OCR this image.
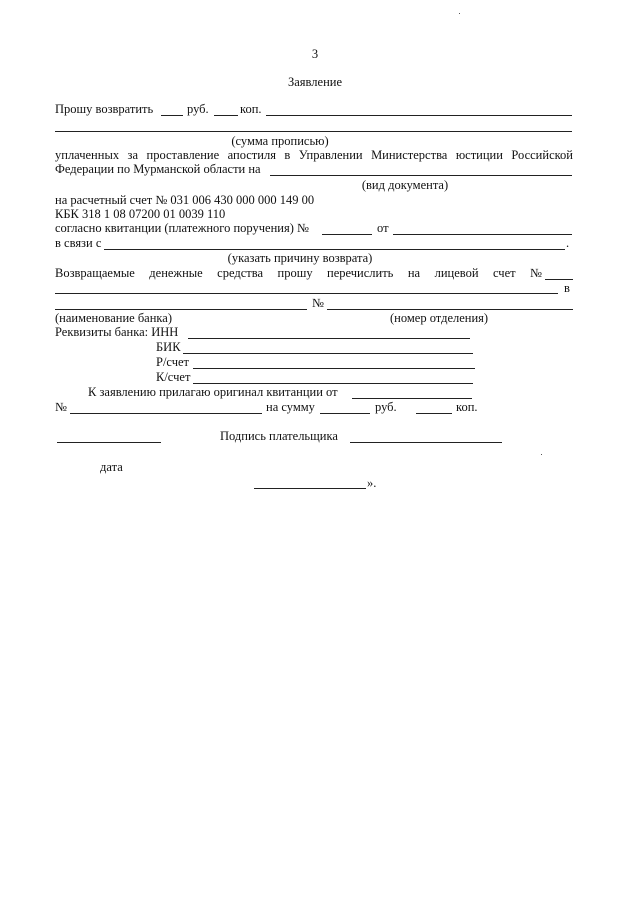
3
Заявление
Прошу возвратить	руб.	коп.
(сумма прописью)
уплаченных за проставление апостиля в Управлении Министерства юстиции Российской
Федерации по Мурманской области на
(вид документа)
на расчетный счет № 031 006 430 000 000 149 00
КБК 318 1 08 07200 01 0039 110
согласно квитанции (платежного поручения) №	от
в связи с	.
(указать причину возврата)
Возвращаемые денежные средства прошу перечислить на лицевой счет №
в
№
(наименование банка)	(номер отделения)
Реквизиты банка: ИНН
БИК
Р/счет
К/счет
К заявлению прилагаю оригинал квитанции от
№	на сумму	руб.	коп.
Подпись плательщика
дата
».
